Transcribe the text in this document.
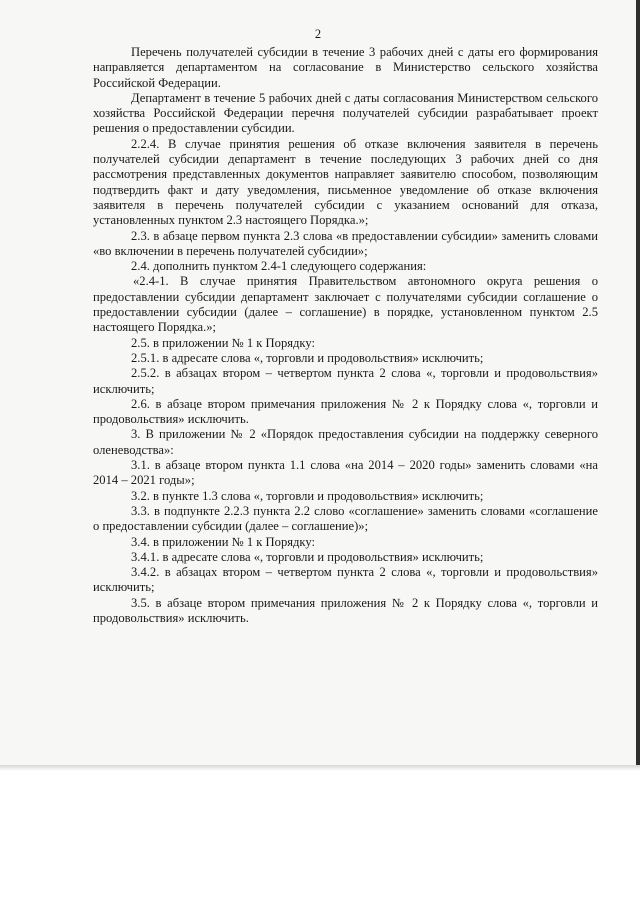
2

Перечень получателей субсидии в течение 3 рабочих дней с даты его формирования направляется департаментом на согласование в Министерство сельского хозяйства Российской Федерации.

Департамент в течение 5 рабочих дней с даты согласования Министерством сельского хозяйства Российской Федерации перечня получателей субсидии разрабатывает проект решения о предоставлении субсидии.

2.2.4. В случае принятия решения об отказе включения заявителя в перечень получателей субсидии департамент в течение последующих 3 рабочих дней со дня рассмотрения представленных документов направляет заявителю способом, позволяющим подтвердить факт и дату уведомления, письменное уведомление об отказе включения заявителя в перечень получателей субсидии с указанием оснований для отказа, установленных пунктом 2.3 настоящего Порядка.»;

2.3. в абзаце первом пункта 2.3 слова «в предоставлении субсидии» заменить словами «во включении в перечень получателей субсидии»;

2.4. дополнить пунктом 2.4-1 следующего содержания:

«2.4-1. В случае принятия Правительством автономного округа решения о предоставлении субсидии департамент заключает с получателями субсидии соглашение о предоставлении субсидии (далее – соглашение) в порядке, установленном пунктом 2.5 настоящего Порядка.»;

2.5. в приложении № 1 к Порядку:

2.5.1. в адресате слова «, торговли и продовольствия» исключить;

2.5.2. в абзацах втором – четвертом пункта 2 слова «, торговли и продовольствия» исключить;

2.6. в абзаце втором примечания приложения № 2 к Порядку слова «, торговли и продовольствия» исключить.

3. В приложении № 2 «Порядок предоставления субсидии на поддержку северного оленеводства»:

3.1. в абзаце втором пункта 1.1 слова «на 2014 – 2020 годы» заменить словами «на 2014 – 2021 годы»;

3.2. в пункте 1.3 слова «, торговли и продовольствия» исключить;

3.3. в подпункте 2.2.3 пункта 2.2 слово «соглашение» заменить словами «соглашение о предоставлении субсидии (далее – соглашение)»;

3.4. в приложении № 1 к Порядку:

3.4.1. в адресате слова «, торговли и продовольствия» исключить;

3.4.2. в абзацах втором – четвертом пункта 2 слова «, торговли и продовольствия» исключить;

3.5. в абзаце втором примечания приложения № 2 к Порядку слова «, торговли и продовольствия» исключить.
